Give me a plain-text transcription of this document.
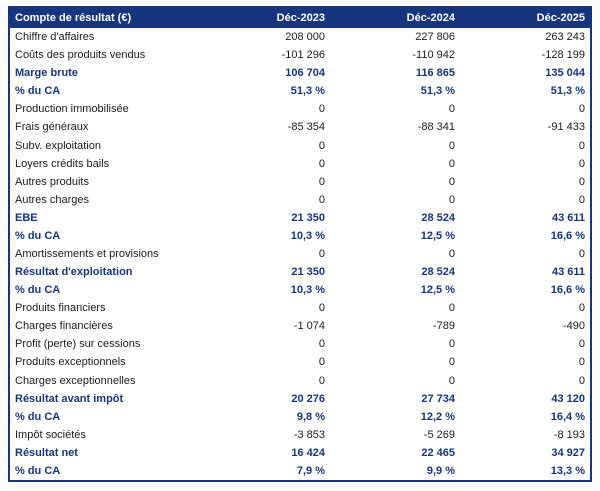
Compte de résultat (€)	Déc-2023	Déc-2024	Déc-2025
Chiffre d'affaires	208 000	227 806	263 243
Coûts des produits vendus	-101 296	-110 942	-128 199
Marge brute	106 704	116 865	135 044
% du CA	51,3 %	51,3 %	51,3 %
Production immobilisée	0	0	0
Frais généraux	-85 354	-88 341	-91 433
Subv. exploitation	0	0	0
Loyers crédits bails	0	0	0
Autres produits	0	0	0
Autres charges	0	0	0
EBE	21 350	28 524	43 611
% du CA	10,3 %	12,5 %	16,6 %
Amortissements et provisions	0	0	0
Résultat d'exploitation	21 350	28 524	43 611
% du CA	10,3 %	12,5 %	16,6 %
Produits financiers	0	0	0
Charges financières	-1 074	-789	-490
Profit (perte) sur cessions	0	0	0
Produits exceptionnels	0	0	0
Charges exceptionnelles	0	0	0
Résultat avant impôt	20 276	27 734	43 120
% du CA	9,8 %	12,2 %	16,4 %
Impôt sociétés	-3 853	-5 269	-8 193
Résultat net	16 424	22 465	34 927
% du CA	7,9 %	9,9 %	13,3 %
